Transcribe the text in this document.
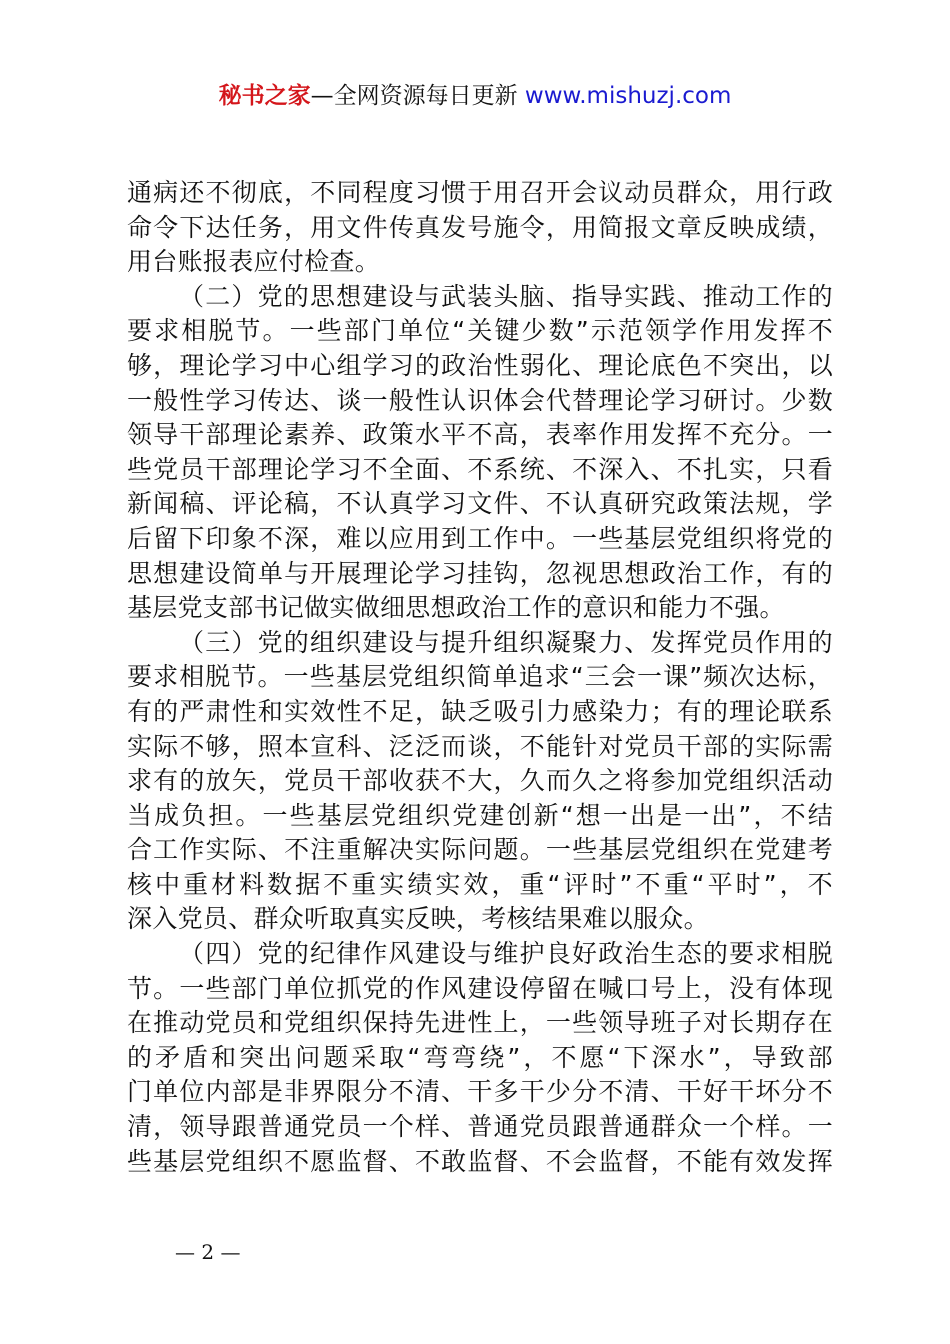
秘书之家—全网资源每日更新 www.mishuzj.com
通病还不彻底，不同程度习惯于用召开会议动员群众，用行政
命令下达任务，用文件传真发号施令，用简报文章反映成绩，
用台账报表应付检查。
（二）党的思想建设与武装头脑、指导实践、推动工作的
要求相脱节。一些部门单位“关键少数”示范领学作用发挥不
够，理论学习中心组学习的政治性弱化、理论底色不突出，以
一般性学习传达、谈一般性认识体会代替理论学习研讨。少数
领导干部理论素养、政策水平不高，表率作用发挥不充分。一
些党员干部理论学习不全面、不系统、不深入、不扎实，只看
新闻稿、评论稿，不认真学习文件、不认真研究政策法规，学
后留下印象不深，难以应用到工作中。一些基层党组织将党的
思想建设简单与开展理论学习挂钩，忽视思想政治工作，有的
基层党支部书记做实做细思想政治工作的意识和能力不强。
（三）党的组织建设与提升组织凝聚力、发挥党员作用的
要求相脱节。一些基层党组织简单追求“三会一课”频次达标，
有的严肃性和实效性不足，缺乏吸引力感染力；有的理论联系
实际不够，照本宣科、泛泛而谈，不能针对党员干部的实际需
求有的放矢，党员干部收获不大，久而久之将参加党组织活动
当成负担。一些基层党组织党建创新“想一出是一出”，不结
合工作实际、不注重解决实际问题。一些基层党组织在党建考
核中重材料数据不重实绩实效，重“评时”不重“平时”，不
深入党员、群众听取真实反映，考核结果难以服众。
（四）党的纪律作风建设与维护良好政治生态的要求相脱
节。一些部门单位抓党的作风建设停留在喊口号上，没有体现
在推动党员和党组织保持先进性上，一些领导班子对长期存在
的矛盾和突出问题采取“弯弯绕”，不愿“下深水”，导致部
门单位内部是非界限分不清、干多干少分不清、干好干坏分不
清，领导跟普通党员一个样、普通党员跟普通群众一个样。一
些基层党组织不愿监督、不敢监督、不会监督，不能有效发挥
— 2 —
